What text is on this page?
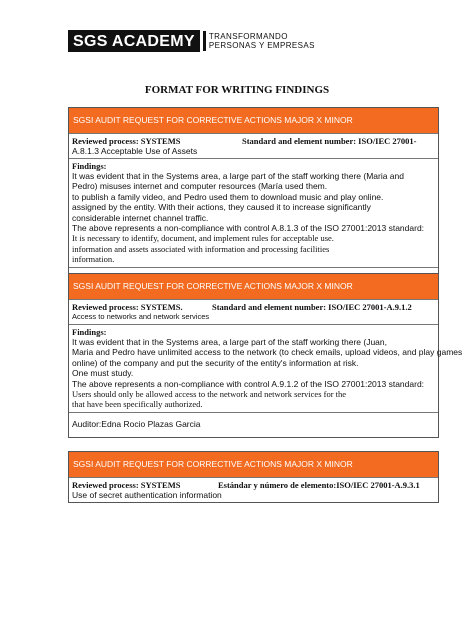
SGS ACADEMY	TRANSFORMANDO
PERSONAS Y EMPRESAS
FORMAT FOR WRITING FINDINGS
SGSI AUDIT REQUEST FOR CORRECTIVE ACTIONS MAJOR X MINOR
Reviewed process: SYSTEMS	Standard and element number: ISO/IEC 27001-
A.8.1.3 Acceptable Use of Assets
Findings:
It was evident that in the Systems area, a large part of the staff working there (Maria and
Pedro) misuses internet and computer resources (María used them.
to publish a family video, and Pedro used them to download music and play online.
assigned by the entity. With their actions, they caused it to increase significantly
considerable internet channel traffic.
The above represents a non-compliance with control A.8.1.3 of the ISO 27001:2013 standard:
It is necessary to identify, document, and implement rules for acceptable use.
information and assets associated with information and processing facilities
information.
SGSI AUDIT REQUEST FOR CORRECTIVE ACTIONS MAJOR X MINOR
Reviewed process: SYSTEMS.	Standard and element number: ISO/IEC 27001-A.9.1.2
Access to networks and network services
Findings:
It was evident that in the Systems area, a large part of the staff working there (Juan,
Maria and Pedro have unlimited access to the network (to check emails, upload videos, and play games
online) of the company and put the security of the entity's information at risk.
One must study.
The above represents a non-compliance with control A.9.1.2 of the ISO 27001:2013 standard:
Users should only be allowed access to the network and network services for the
that have been specifically authorized.
Auditor:Edna Rocio Plazas Garcia
SGSI AUDIT REQUEST FOR CORRECTIVE ACTIONS MAJOR X MINOR
Reviewed process: SYSTEMS	Estándar y número de elemento:ISO/IEC 27001-A.9.3.1
Use of secret authentication information
